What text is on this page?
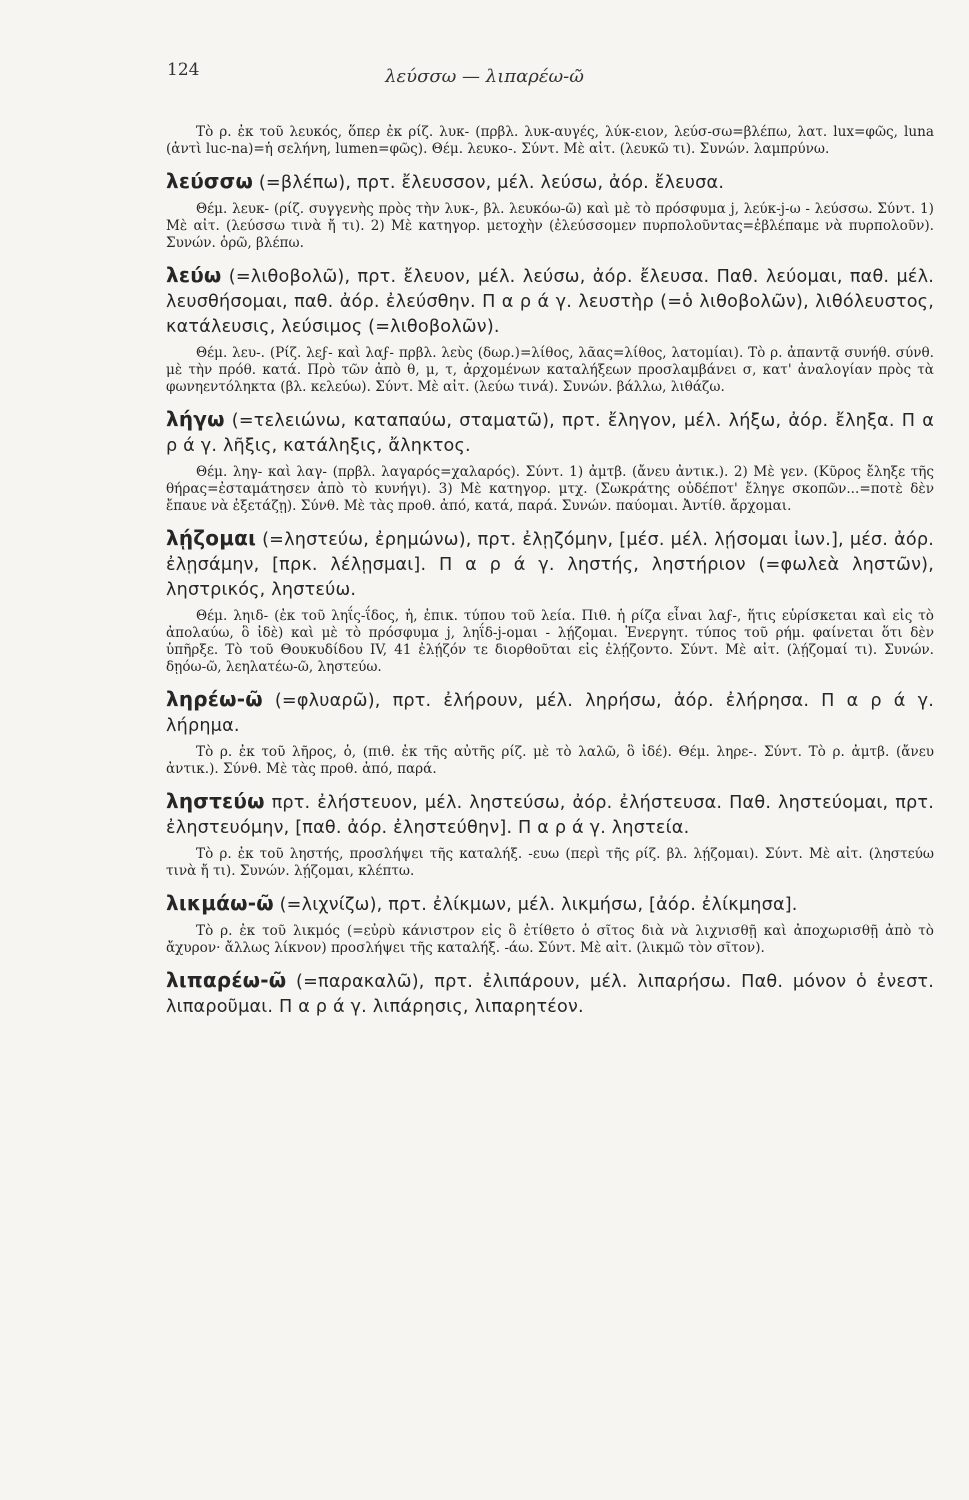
124	λεύσσω — λιπαρέω-ῶ

Τὸ ρ. ἐκ τοῦ λευκός, ὅπερ ἐκ ρίζ. λυκ- (πρβλ. λυκ-αυγές, λύκ-ειον, λεύσ-σω=βλέπω, λατ. lux=φῶς, luna (ἀντὶ luc-na)=ἡ σελήνη, lumen=φῶς). Θέμ. λευκο-. Σύντ. Μὲ αἰτ. (λευκῶ τι). Συνών. λαμπρύνω.

λεύσσω (=βλέπω), πρτ. ἔλευσσον, μέλ. λεύσω, ἀόρ. ἔλευσα.

Θέμ. λευκ- (ρίζ. συγγενὴς πρὸς τὴν λυκ-, βλ. λευκόω-ῶ) καὶ μὲ τὸ πρόσφυμα j, λεύκ-j-ω - λεύσσω. Σύντ. 1) Μὲ αἰτ. (λεύσσω τινὰ ἤ τι). 2) Μὲ κατηγορ. μετοχὴν (ἐλεύσσομεν πυρπολοῦντας=ἐβλέπαμε νὰ πυρπολοῦν). Συνών. ὁρῶ, βλέπω.

λεύω (=λιθοβολῶ), πρτ. ἔλευον, μέλ. λεύσω, ἀόρ. ἔλευσα. Παθ. λεύομαι, παθ. μέλ. λευσθήσομαι, παθ. ἀόρ. ἐλεύσθην. Π α ρ ά γ. λευστὴρ (=ὁ λιθοβολῶν), λιθόλευστος, κατάλευσις, λεύσιμος (=λιθοβολῶν).

Θέμ. λευ-. (Ρίζ. λεϝ- καὶ λαϝ- πρβλ. λεὺς (δωρ.)=λίθος, λᾶας=λίθος, λατομίαι). Τὸ ρ. ἀπαντᾷ συνήθ. σύνθ. μὲ τὴν πρόθ. κατά. Πρὸ τῶν ἀπὸ θ, μ, τ, ἀρχομένων καταλήξεων προσλαμβάνει σ, κατ' ἀναλογίαν πρὸς τὰ φωνηεντόληκτα (βλ. κελεύω). Σύντ. Μὲ αἰτ. (λεύω τινά). Συνών. βάλλω, λιθάζω.

λήγω (=τελειώνω, καταπαύω, σταματῶ), πρτ. ἔληγον, μέλ. λήξω, ἀόρ. ἔληξα. Π α ρ ά γ. λῆξις, κατάληξις, ἄληκτος.

Θέμ. ληγ- καὶ λαγ- (πρβλ. λαγαρός=χαλαρός). Σύντ. 1) ἀμτβ. (ἄνευ ἀντικ.). 2) Μὲ γεν. (Κῦρος ἔληξε τῆς θήρας=ἐσταμάτησεν ἀπὸ τὸ κυνήγι). 3) Μὲ κατηγορ. μτχ. (Σωκράτης οὐδέποτ' ἔληγε σκοπῶν...=ποτὲ δὲν ἔπαυε νὰ ἐξετάζῃ). Σύνθ. Μὲ τὰς προθ. ἀπό, κατά, παρά. Συνών. παύομαι. Ἀντίθ. ἄρχομαι.

λῄζομαι (=ληστεύω, ἐρημώνω), πρτ. ἐλῃζόμην, [μέσ. μέλ. λῄσομαι ἰων.], μέσ. ἀόρ. ἐλῃσάμην, [πρκ. λέλῃσμαι]. Π α ρ ά γ. ληστής, ληστήριον (=φωλεὰ ληστῶν), ληστρικός, ληστεύω.

Θέμ. ληιδ- (ἐκ τοῦ ληΐς-ΐδος, ἡ, ἐπικ. τύπου τοῦ λεία. Πιθ. ἡ ρίζα εἶναι λαϝ-, ἥτις εὑρίσκεται καὶ εἰς τὸ ἀπολαύω, ὃ ἰδὲ) καὶ μὲ τὸ πρόσφυμα j, ληΐδ-j-ομαι - λῄζομαι. Ἐνεργητ. τύπος τοῦ ρήμ. φαίνεται ὅτι δὲν ὑπῆρξε. Τὸ τοῦ Θουκυδίδου IV, 41 ἐλῄζόν τε διορθοῦται εἰς ἐλῄζοντο. Σύντ. Μὲ αἰτ. (λῄζομαί τι). Συνών. δῃόω-ῶ, λεηλατέω-ῶ, ληστεύω.

ληρέω-ῶ (=φλυαρῶ), πρτ. ἐλήρουν, μέλ. ληρήσω, ἀόρ. ἐλήρησα. Π α ρ ά γ. λήρημα.

Τὸ ρ. ἐκ τοῦ λῆρος, ὁ, (πιθ. ἐκ τῆς αὐτῆς ρίζ. μὲ τὸ λαλῶ, ὃ ἰδέ). Θέμ. ληρε-. Σύντ. Τὸ ρ. ἀμτβ. (ἄνευ ἀντικ.). Σύνθ. Μὲ τὰς προθ. ἀπό, παρά.

ληστεύω πρτ. ἐλήστευον, μέλ. ληστεύσω, ἀόρ. ἐλήστευσα. Παθ. ληστεύομαι, πρτ. ἐληστευόμην, [παθ. ἀόρ. ἐληστεύθην]. Π α ρ ά γ. ληστεία.

Τὸ ρ. ἐκ τοῦ ληστής, προσλήψει τῆς καταλήξ. -ευω (περὶ τῆς ρίζ. βλ. λῄζομαι). Σύντ. Μὲ αἰτ. (ληστεύω τινὰ ἤ τι). Συνών. λῄζομαι, κλέπτω.

λικμάω-ῶ (=λιχνίζω), πρτ. ἐλίκμων, μέλ. λικμήσω, [ἀόρ. ἐλίκμησα].

Τὸ ρ. ἐκ τοῦ λικμός (=εὐρὺ κάνιστρον εἰς ὃ ἐτίθετο ὁ σῖτος διὰ νὰ λιχνισθῇ καὶ ἀποχωρισθῇ ἀπὸ τὸ ἄχυρον· ἄλλως λίκνον) προσλήψει τῆς καταλήξ. -άω. Σύντ. Μὲ αἰτ. (λικμῶ τὸν σῖτον).

λιπαρέω-ῶ (=παρακαλῶ), πρτ. ἐλιπάρουν, μέλ. λιπαρήσω. Παθ. μόνον ὁ ἐνεστ. λιπαροῦμαι. Π α ρ ά γ. λιπάρησις, λιπαρητέον.
